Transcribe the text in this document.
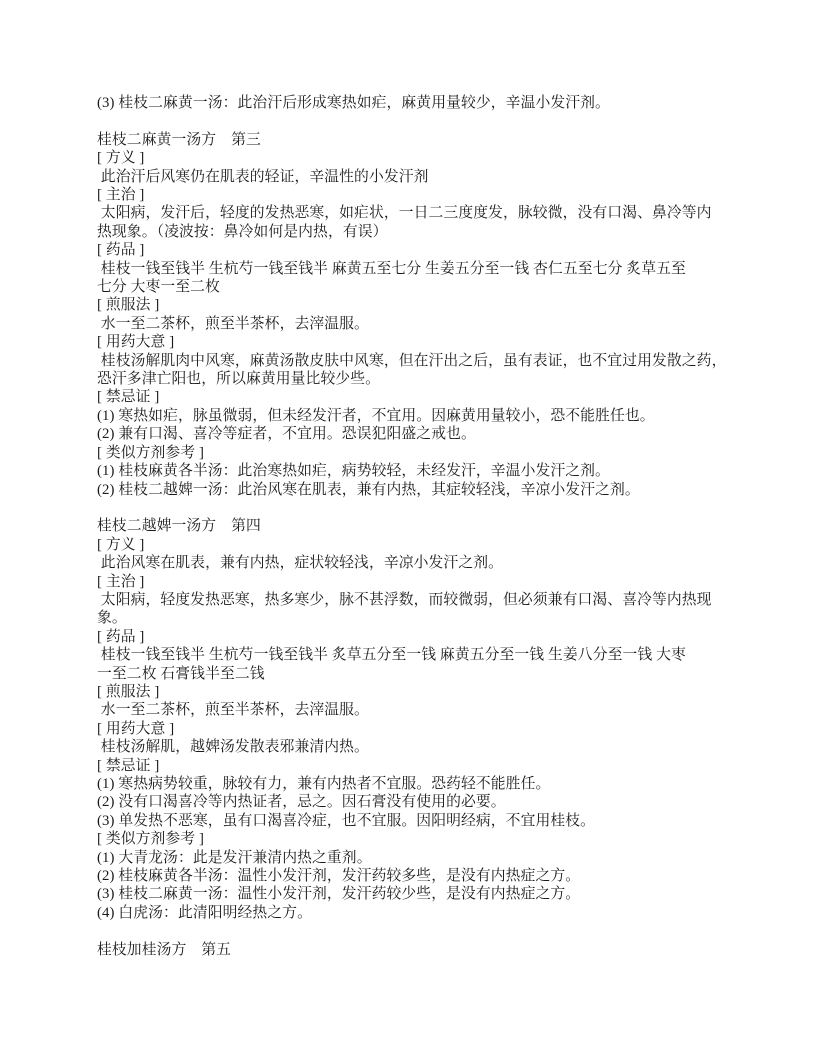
(3) 桂枝二麻黄一汤：此治汗后形成寒热如疟，麻黄用量较少，辛温小发汗剂。
桂枝二麻黄一汤方　第三
[ 方义 ]
此治汗后风寒仍在肌表的轻证，辛温性的小发汗剂
[ 主治 ]
太阳病，发汗后，轻度的发热恶寒，如疟状，一日二三度度发，脉较微，没有口渴、鼻冷等内
热现象。（凌波按：鼻冷如何是内热，有误）
[ 药品 ]
桂枝一钱至钱半 生杭芍一钱至钱半 麻黄五至七分 生姜五分至一钱 杏仁五至七分 炙草五至
七分 大枣一至二枚
[ 煎服法 ]
水一至二茶杯，煎至半茶杯，去滓温服。
[ 用药大意 ]
桂枝汤解肌肉中风寒，麻黄汤散皮肤中风寒，但在汗出之后，虽有表证，也不宜过用发散之药，
恐汗多津亡阳也，所以麻黄用量比较少些。
[ 禁忌证 ]
(1) 寒热如疟，脉虽微弱，但未经发汗者，不宜用。因麻黄用量较小，恐不能胜任也。
(2) 兼有口渴、喜冷等症者，不宜用。恐误犯阳盛之戒也。
[ 类似方剂参考 ]
(1) 桂枝麻黄各半汤：此治寒热如疟，病势较轻，未经发汗，辛温小发汗之剂。
(2) 桂枝二越婢一汤：此治风寒在肌表，兼有内热，其症较轻浅，辛凉小发汗之剂。
桂枝二越婢一汤方　第四
[ 方义 ]
此治风寒在肌表，兼有内热，症状较轻浅，辛凉小发汗之剂。
[ 主治 ]
太阳病，轻度发热恶寒，热多寒少，脉不甚浮数，而较微弱，但必须兼有口渴、喜冷等内热现
象。
[ 药品 ]
桂枝一钱至钱半 生杭芍一钱至钱半 炙草五分至一钱 麻黄五分至一钱 生姜八分至一钱 大枣
一至二枚 石膏钱半至二钱
[ 煎服法 ]
水一至二茶杯，煎至半茶杯，去滓温服。
[ 用药大意 ]
桂枝汤解肌，越婢汤发散表邪兼清内热。
[ 禁忌证 ]
(1) 寒热病势较重，脉较有力，兼有内热者不宜服。恐药轻不能胜任。
(2) 没有口渴喜冷等内热证者，忌之。因石膏没有使用的必要。
(3) 单发热不恶寒，虽有口渴喜冷症，也不宜服。因阳明经病，不宜用桂枝。
[ 类似方剂参考 ]
(1) 大青龙汤：此是发汗兼清内热之重剂。
(2) 桂枝麻黄各半汤：温性小发汗剂，发汗药较多些，是没有内热症之方。
(3) 桂枝二麻黄一汤：温性小发汗剂，发汗药较少些，是没有内热症之方。
(4) 白虎汤：此清阳明经热之方。
桂枝加桂汤方　第五
